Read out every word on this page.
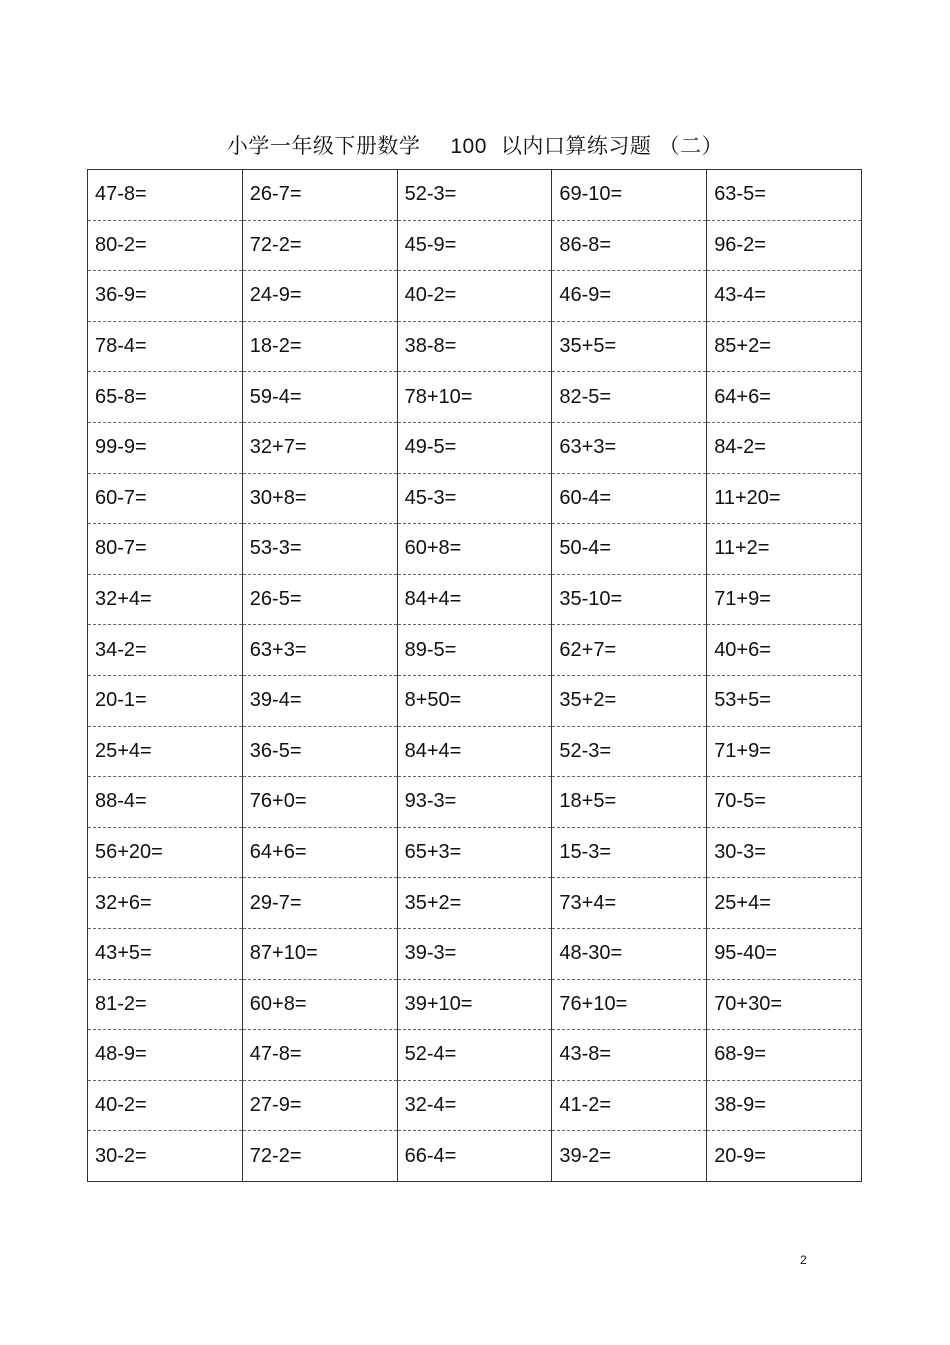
小学一年级下册数学 100 以内口算练习题 （二）
47-8=	26-7=	52-3=	69-10=	63-5=
80-2=	72-2=	45-9=	86-8=	96-2=
36-9=	24-9=	40-2=	46-9=	43-4=
78-4=	18-2=	38-8=	35+5=	85+2=
65-8=	59-4=	78+10=	82-5=	64+6=
99-9=	32+7=	49-5=	63+3=	84-2=
60-7=	30+8=	45-3=	60-4=	11+20=
80-7=	53-3=	60+8=	50-4=	11+2=
32+4=	26-5=	84+4=	35-10=	71+9=
34-2=	63+3=	89-5=	62+7=	40+6=
20-1=	39-4=	8+50=	35+2=	53+5=
25+4=	36-5=	84+4=	52-3=	71+9=
88-4=	76+0=	93-3=	18+5=	70-5=
56+20=	64+6=	65+3=	15-3=	30-3=
32+6=	29-7=	35+2=	73+4=	25+4=
43+5=	87+10=	39-3=	48-30=	95-40=
81-2=	60+8=	39+10=	76+10=	70+30=
48-9=	47-8=	52-4=	43-8=	68-9=
40-2=	27-9=	32-4=	41-2=	38-9=
30-2=	72-2=	66-4=	39-2=	20-9=
2
